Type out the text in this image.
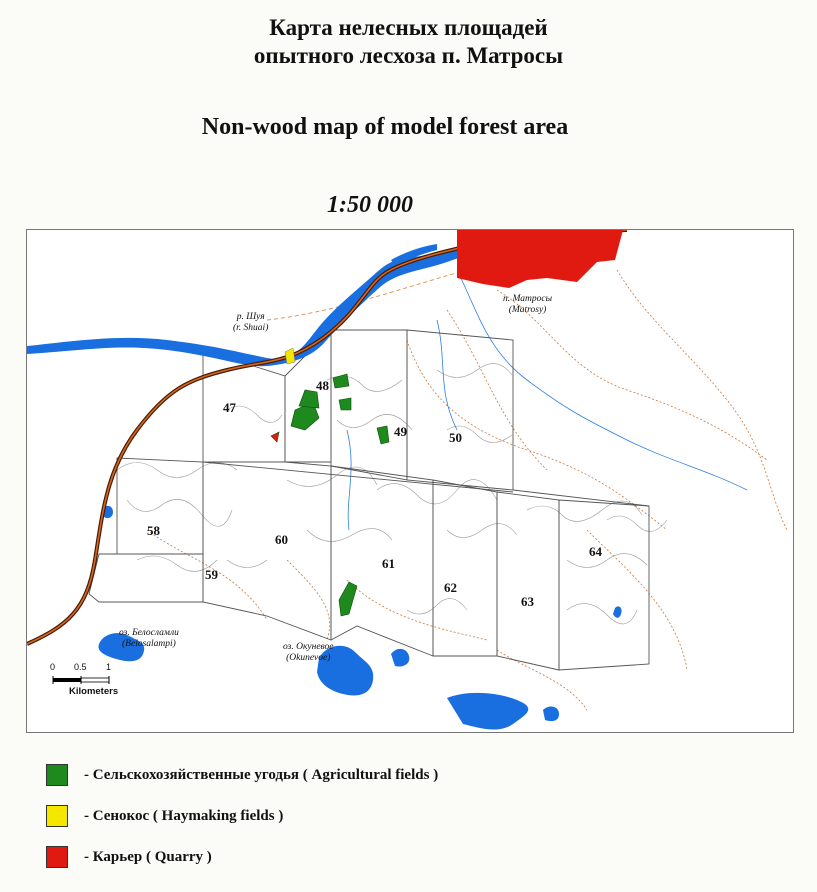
Карта нелесных площадей
опытного лесхоза п. Матросы
Non-wood map of model forest area
1:50 000
47
48
49	50
58
59
60
61
62
63
64
р. Шуя
(r. Shuai)
п. Матросы
(Matrosy)
оз. Белосламли
(Belosalampi)	оз. Окуневое
(Okunevoe)
0 0.5 1
Kilometers
- Сельскохозяйственные угодья ( Agricultural fields )
- Сенокос ( Haymaking fields )
- Карьер ( Quarry )
